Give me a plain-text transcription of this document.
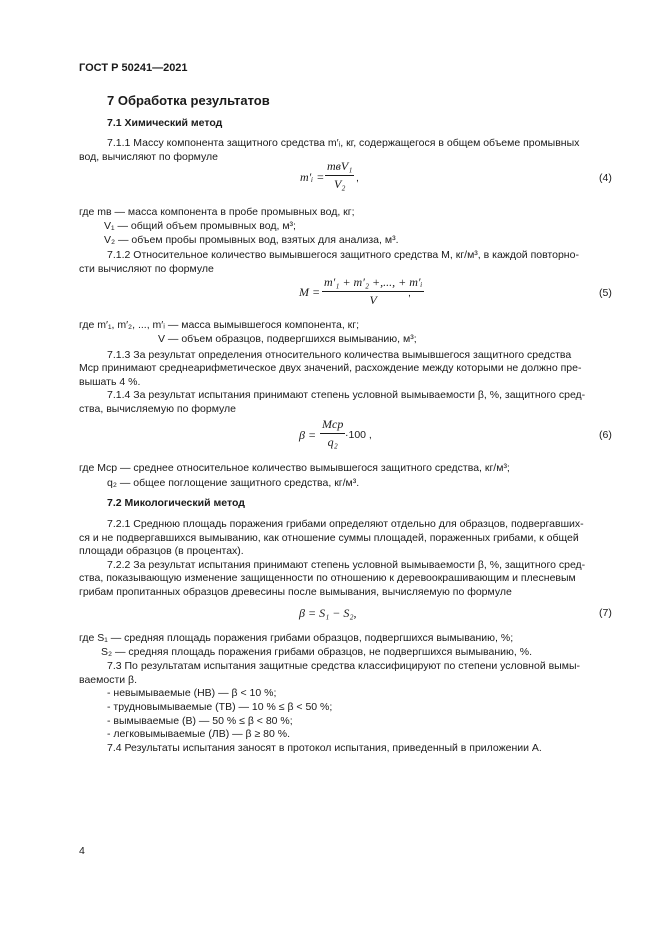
ГОСТ Р 50241—2021
7 Обработка результатов
7.1 Химический метод
7.1.1 Массу компонента защитного средства m′ᵢ, кг, содержащегося в общем объеме промывных
вод, вычисляют по формуле
m′ᵢ =
mвV₁
V₂ ,	(4)
где mв — масса компонента в пробе промывных вод, кг;
V₁ — общий объем промывных вод, м³;
V₂ — объем пробы промывных вод, взятых для анализа, м³.
7.1.2 Относительное количество вымывшегося защитного средства M, кг/м³, в каждой повторно-
сти вычисляют по формуле
$M = \frac{\text{m′₁ + m′₂ +,..., + m′ᵢ}}{V}$
,	(5)
где m′₁, m′₂, ..., m′ᵢ — масса вымывшегося компонента, кг;
V — объем образцов, подвергшихся вымыванию, м³;
7.1.3 За результат определения относительного количества вымывшегося защитного средства
Mср принимают среднеарифметическое двух значений, расхождение между которыми не должно пре-
вышать 4 %.
7.1.4 За результат испытания принимают степень условной вымываемости β, %, защитного сред-
ства, вычисляемую по формуле
β =
Mср
q₂ ·100 ,	(6)
где Mср — среднее относительное количество вымывшегося защитного средства, кг/м³;
q₂ — общее поглощение защитного средства, кг/м³.
7.2 Микологический метод
7.2.1 Среднюю площадь поражения грибами определяют отдельно для образцов, подвергавших-
ся и не подвергавшихся вымыванию, как отношение суммы площадей, пораженных грибами, к общей
площади образцов (в процентах).
7.2.2 За результат испытания принимают степень условной вымываемости β, %, защитного сред-
ства, показывающую изменение защищенности по отношению к деревоокрашивающим и плесневым
грибам пропитанных образцов древесины после вымывания, вычисляемую по формуле
β = S₁ − S₂,	(7)
где S₁ — средняя площадь поражения грибами образцов, подвергшихся вымыванию, %;
S₂ — средняя площадь поражения грибами образцов, не подвергшихся вымыванию, %.
7.3 По результатам испытания защитные средства классифицируют по степени условной вымы-
ваемости β.
- невымываемые (НВ) — β < 10 %;
- трудновымываемые (ТВ) — 10 % ≤ β < 50 %;
- вымываемые (В) — 50 % ≤ β < 80 %;
- легковымываемые (ЛВ) — β ≥ 80 %.
7.4 Результаты испытания заносят в протокол испытания, приведенный в приложении А.
4
